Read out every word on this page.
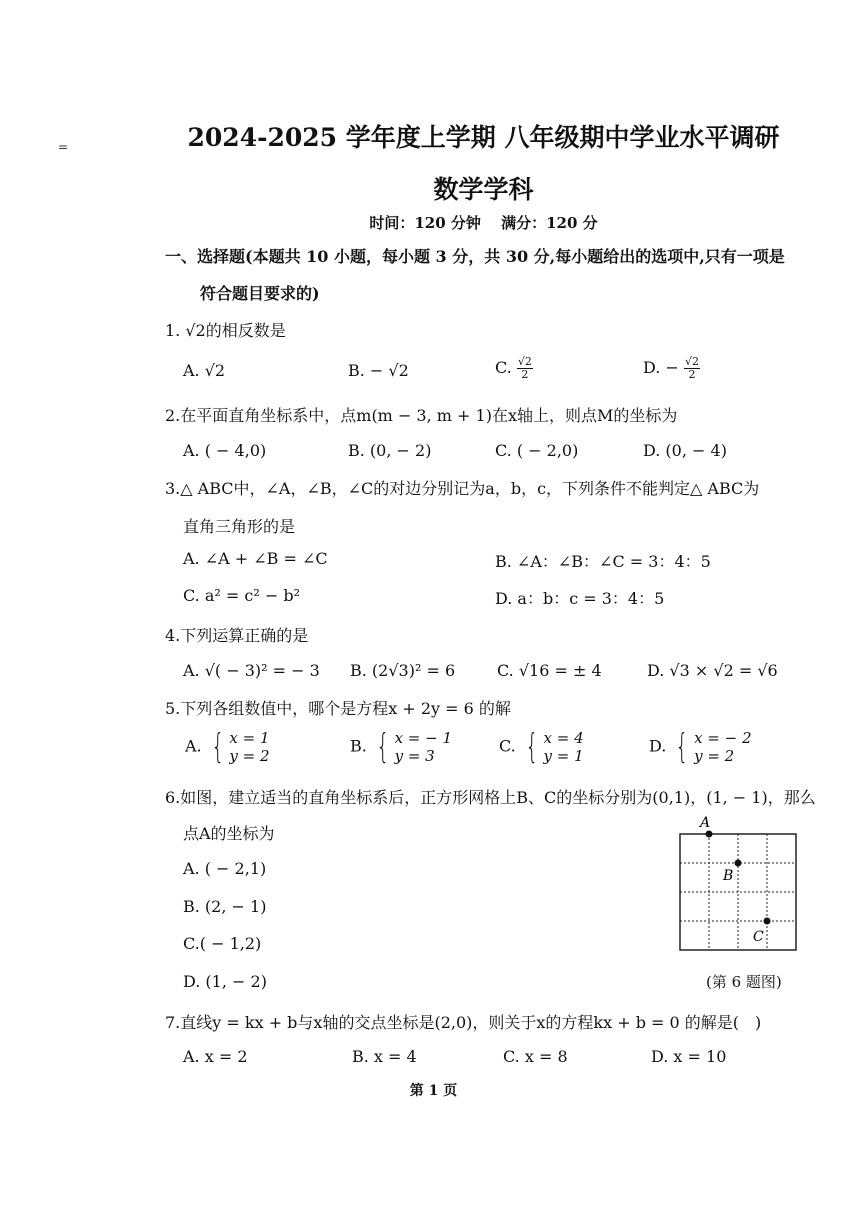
=	2024-2025 学年度上学期 八年级期中学业水平调研
数学学科
时间：120 分钟　 满分：120 分
一、选择题(本题共 10 小题，每小题 3 分，共 30 分,每小题给出的选项中,只有一项是
符合题目要求的)
1. √2的相反数是
A. √2	B. − √2	C. $\frac{√2}{2}$	D. − $\frac{√2}{2}$
2.在平面直角坐标系中，点m(m − 3, m + 1)在x轴上，则点M的坐标为
A. ( − 4,0)	B. (0, − 2)	C. ( − 2,0)	D. (0, − 4)
3.△ ABC中，∠A，∠B，∠C的对边分别记为a，b，c，下列条件不能判定△ ABC为
直角三角形的是
A. ∠A + ∠B = ∠C	B. ∠A：∠B：∠C = 3：4：5
C. a² = c² − b²	D. a：b：c = 3：4：5
4.下列运算正确的是
A. √( − 3)² = − 3 B. (2√3)² = 6	C. √16 = ± 4	D. √3 × √2 = √6
5.下列各组数值中，哪个是方程x + 2y = 6 的解
A. { x = 1
y = 2
B. { x = − 1
y = 3
C. { x = 4
y = 1
D. { x = − 2
y = 2
6.如图，建立适当的直角坐标系后，正方形网格上B、C的坐标分别为(0,1)，(1, − 1)，那么
点A的坐标为
A. ( − 2,1)
B. (2, − 1)
C.( − 1,2)
D. (1, − 2)
A
B
C
(第 6 题图)
7.直线y = kx + b与x轴的交点坐标是(2,0)，则关于x的方程kx + b = 0 的解是(　)
A. x = 2	B. x = 4	C. x = 8	D. x = 10
第 1 页
